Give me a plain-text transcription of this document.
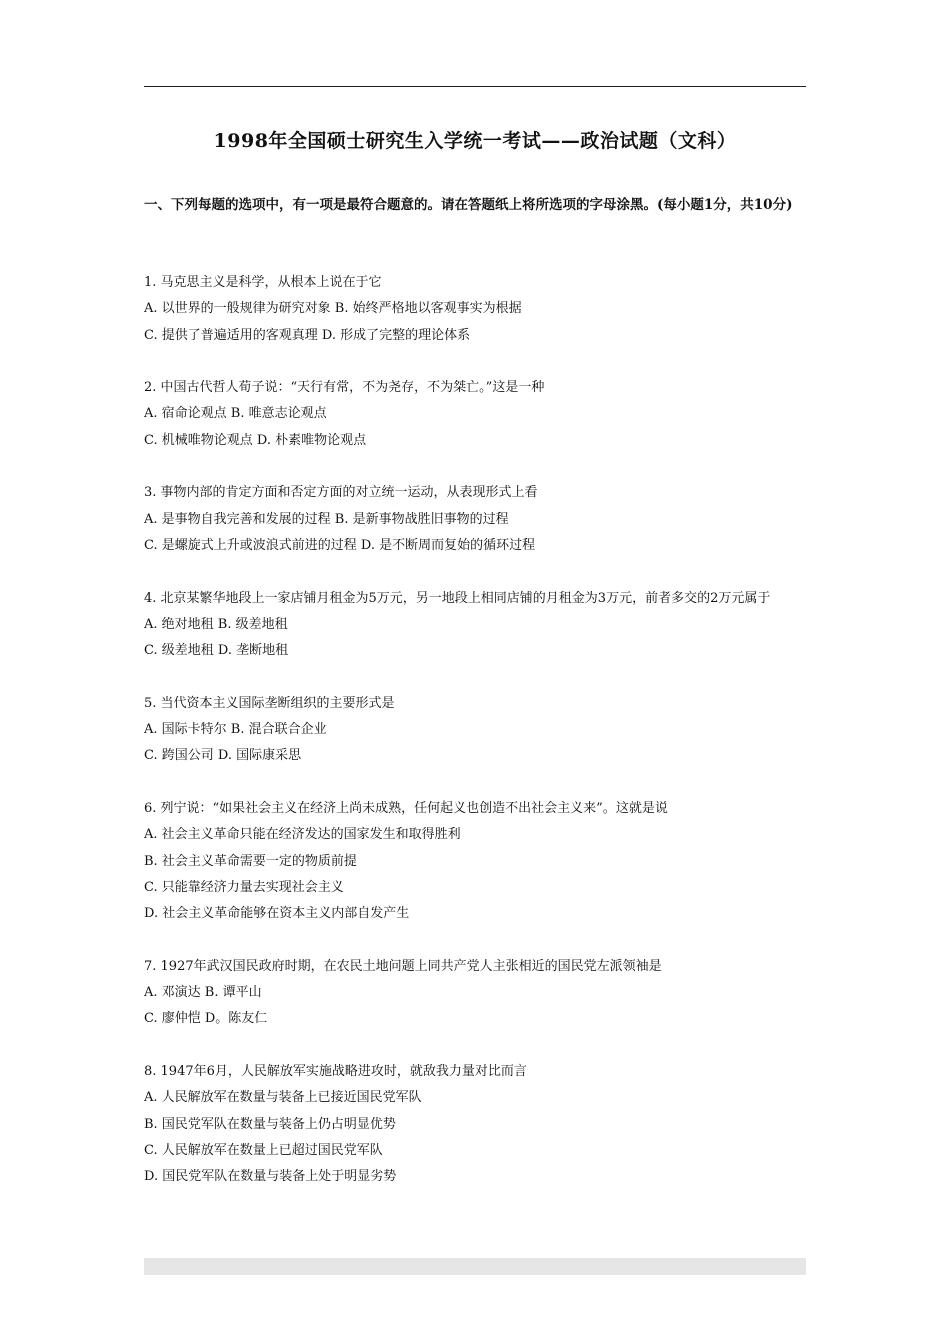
1998年全国硕士研究生入学统一考试——政治试题（文科）
一、下列每题的选项中，有一项是最符合题意的。请在答题纸上将所选项的字母涂黑。(每小题1分，共10分)
1. 马克思主义是科学，从根本上说在于它
A. 以世界的一般规律为研究对象 B. 始终严格地以客观事实为根据
C. 提供了普遍适用的客观真理 D. 形成了完整的理论体系
2. 中国古代哲人荀子说：“天行有常，不为尧存，不为桀亡。”这是一种
A. 宿命论观点 B. 唯意志论观点
C. 机械唯物论观点 D. 朴素唯物论观点
3. 事物内部的肯定方面和否定方面的对立统一运动，从表现形式上看
A. 是事物自我完善和发展的过程 B. 是新事物战胜旧事物的过程
C. 是螺旋式上升或波浪式前进的过程 D. 是不断周而复始的循环过程
4. 北京某繁华地段上一家店铺月租金为5万元，另一地段上相同店铺的月租金为3万元，前者多交的2万元属于
A. 绝对地租 B. 级差地租
C. 级差地租 D. 垄断地租
5. 当代资本主义国际垄断组织的主要形式是
A. 国际卡特尔 B. 混合联合企业
C. 跨国公司 D. 国际康采思
6. 列宁说：“如果社会主义在经济上尚未成熟，任何起义也创造不出社会主义来”。这就是说
A. 社会主义革命只能在经济发达的国家发生和取得胜利
B. 社会主义革命需要一定的物质前提
C. 只能靠经济力量去实现社会主义
D. 社会主义革命能够在资本主义内部自发产生
7. 1927年武汉国民政府时期，在农民土地问题上同共产党人主张相近的国民党左派领袖是
A. 邓演达 B. 谭平山
C. 廖仲恺 D。陈友仁
8. 1947年6月，人民解放军实施战略进攻时，就敌我力量对比而言
A. 人民解放军在数量与装备上已接近国民党军队
B. 国民党军队在数量与装备上仍占明显优势
C. 人民解放军在数量上已超过国民党军队
D. 国民党军队在数量与装备上处于明显劣势
